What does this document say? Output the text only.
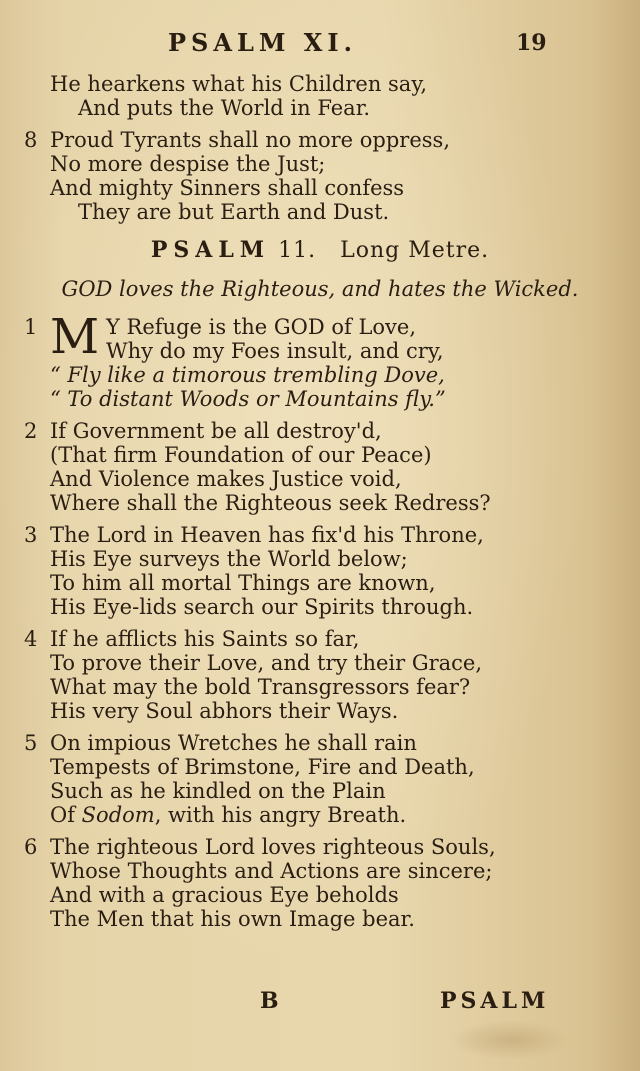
PSALM XI.	19
He hearkens what his Children say,
And puts the World in Fear.
8 Proud Tyrants shall no more oppress,
No more despise the Just;
And mighty Sinners shall confess
They are but Earth and Dust.
PSALM 11. Long Metre.
GOD loves the Righteous, and hates the Wicked.
1 M Y Refuge is the GOD of Love,
Why do my Foes insult, and cry,
“ Fly like a timorous trembling Dove,
“ To distant Woods or Mountains fly.”
2 If Government be all destroy'd,
(That firm Foundation of our Peace)
And Violence makes Justice void,
Where shall the Righteous seek Redress?
3 The Lord in Heaven has fix'd his Throne,
His Eye surveys the World below;
To him all mortal Things are known,
His Eye-lids search our Spirits through.
4 If he afflicts his Saints so far,
To prove their Love, and try their Grace,
What may the bold Transgressors fear?
His very Soul abhors their Ways.
5 On impious Wretches he shall rain
Tempests of Brimstone, Fire and Death,
Such as he kindled on the Plain
Of Sodom, with his angry Breath.
6 The righteous Lord loves righteous Souls,
Whose Thoughts and Actions are sincere;
And with a gracious Eye beholds
The Men that his own Image bear.
B	PSALM
